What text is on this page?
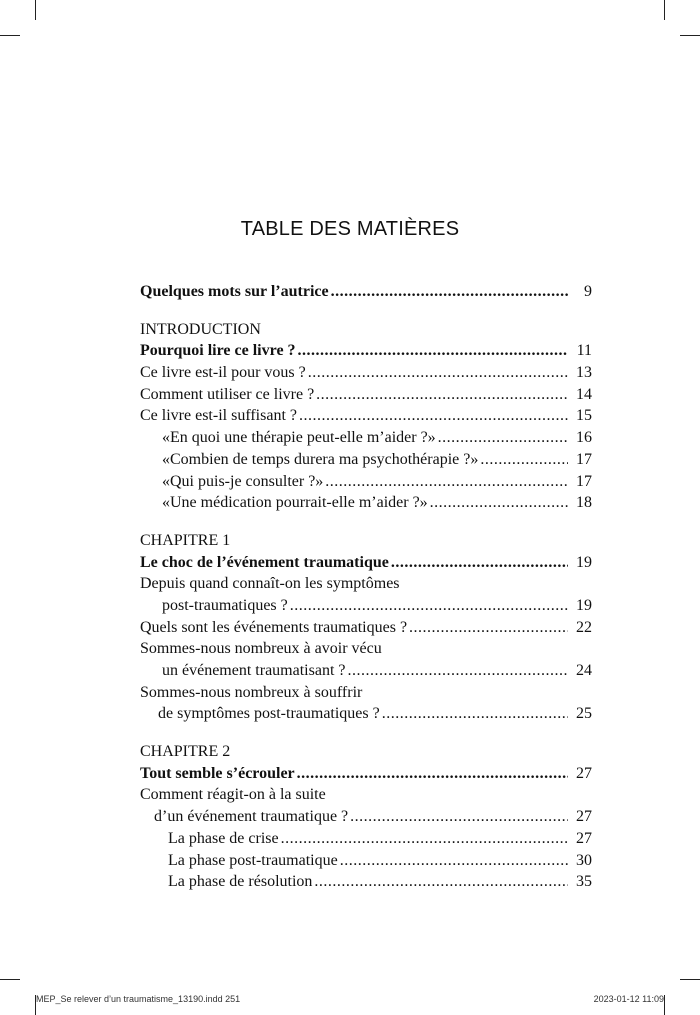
TABLE DES MATIÈRES
Quelques mots sur l’autrice .....	9
INTRODUCTION
Pourquoi lire ce livre ? .....	11
Ce livre est-il pour vous ? .....	13
Comment utiliser ce livre ? .....	14
Ce livre est-il suffisant ? .....	15
«En quoi une thérapie peut-elle m’aider ?» .....	16
«Combien de temps durera ma psychothérapie ?» .....	17
«Qui puis-je consulter ?» .....	17
«Une médication pourrait-elle m’aider ?» .....	18
CHAPITRE 1
Le choc de l’événement traumatique .....	19
Depuis quand connaît-on les symptômes
post-traumatiques ? .....	19
Quels sont les événements traumatiques ? .....	22
Sommes-nous nombreux à avoir vécu
un événement traumatisant ? .....	24
Sommes-nous nombreux à souffrir
de symptômes post-traumatiques ? .....	25
CHAPITRE 2
Tout semble s’écrouler .....	27
Comment réagit-on à la suite
d’un événement traumatique ? .....	27
La phase de crise .....	27
La phase post-traumatique .....	30
La phase de résolution .....	35
MEP_Se relever d’un traumatisme_13190.indd 251	2023-01-12 11:09
